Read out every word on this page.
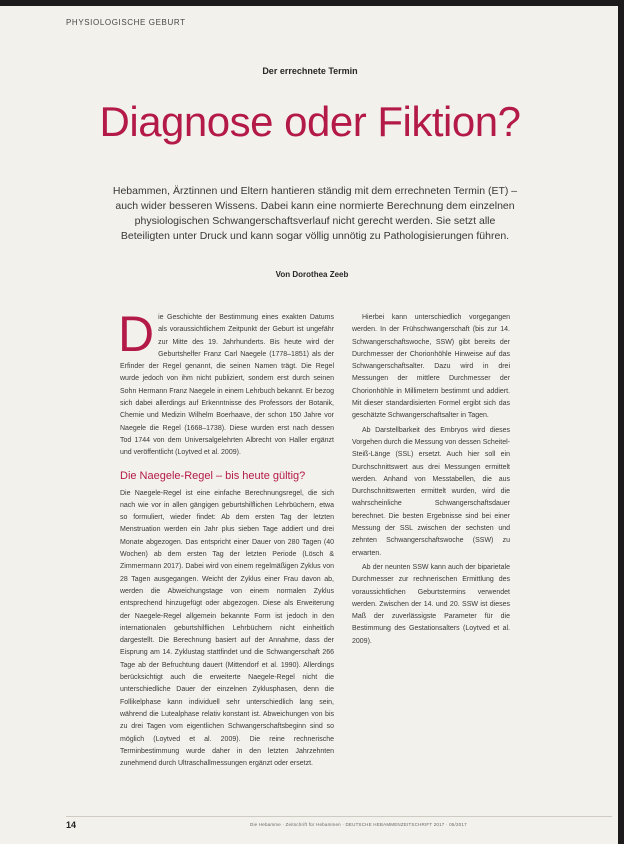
PHYSIOLOGISCHE GEBURT
Der errechnete Termin
Diagnose oder Fiktion?
Hebammen, Ärztinnen und Eltern hantieren ständig mit dem errechneten Termin (ET) – auch wider besseren Wissens. Dabei kann eine normierte Berechnung dem einzelnen physiologischen Schwangerschaftsverlauf nicht gerecht werden. Sie setzt alle Beteiligten unter Druck und kann sogar völlig unnötig zu Pathologisierungen führen.
Von Dorothea Zeeb

Die Geschichte der Bestimmung eines exakten Datums als voraussichtlichem Zeitpunkt der Geburt ist ungefähr zur Mitte des 19. Jahrhunderts. Bis heute wird der Geburtshelfer Franz Carl Naegele (1778–1851) als der Erfinder der Regel genannt, die seinen Namen trägt. Die Regel wurde jedoch von ihm nicht publiziert, sondern erst durch seinen Sohn Hermann Franz Naegele in einem Lehrbuch bekannt. Er bezog sich dabei allerdings auf Erkenntnisse des Professors der Botanik, Chemie und Medizin Wilhelm Boerhaave, der schon 150 Jahre vor Naegele die Regel (1668–1738). Diese wurden erst nach dessen Tod 1744 von dem Universalgelehrten Albrecht von Haller ergänzt und veröffentlicht (Loytved et al. 2009).

Die Naegele-Regel – bis heute gültig?

Die Naegele-Regel ist eine einfache Berechnungsregel, die sich nach wie vor in allen gängigen geburtshilflichen Lehrbüchern, etwa so formuliert, wieder findet: Ab dem ersten Tag der letzten Menstruation werden ein Jahr plus sieben Tage addiert und drei Monate abgezogen. Das entspricht einer Dauer von 280 Tagen (40 Wochen) ab dem ersten Tag der letzten Periode (Lösch & Zimmermann 2017). Dabei wird von einem regelmäßigen Zyklus von 28 Tagen ausgegangen. Weicht der Zyklus einer Frau davon ab, werden die Abweichungstage von einem normalen Zyklus entsprechend hinzugefügt oder abgezogen. Diese als Erweiterung der Naegele-Regel allgemein bekannte Form ist jedoch in den internationalen geburtshilflichen Lehrbüchern nicht einheitlich dargestellt. Die Berechnung basiert auf der Annahme, dass der Eisprung am 14. Zyklustag stattfindet und die Schwangerschaft 266 Tage ab der Befruchtung dauert (Mittendorf et al. 1990). Allerdings berücksichtigt auch die erweiterte Naegele-Regel nicht die unterschiedliche Dauer der einzelnen Zyklusphasen, denn die Follikelphase kann individuell sehr unterschiedlich lang sein, während die Lutealphase relativ konstant ist. Abweichungen von bis zu drei Tagen vom eigentlichen Schwangerschaftsbeginn sind so möglich (Loytved et al. 2009). Die reine rechnerische Terminbestimmung wurde daher in den letzten Jahrzehnten zunehmend durch Ultraschallmessungen ergänzt oder ersetzt.

Hierbei kann unterschiedlich vorgegangen werden. In der Frühschwangerschaft (bis zur 14. Schwangerschaftswoche, SSW) gibt bereits der Durchmesser der Chorionhöhle Hinweise auf das Schwangerschaftsalter. Dazu wird in drei Messungen der mittlere Durchmesser der Chorionhöhle in Millimetern bestimmt und addiert. Mit dieser standardisierten Formel ergibt sich das geschätzte Schwangerschaftsalter in Tagen.

Ab Darstellbarkeit des Embryos wird dieses Vorgehen durch die Messung von dessen Scheitel-Steiß-Länge (SSL) ersetzt. Auch hier soll ein Durchschnittswert aus drei Messungen ermittelt werden. Anhand von Messtabellen, die aus Durchschnittswerten ermittelt wurden, wird die wahrscheinliche Schwangerschaftsdauer berechnet. Die besten Ergebnisse sind bei einer Messung der SSL zwischen der sechsten und zehnten Schwangerschaftswoche (SSW) zu erwarten.

Ab der neunten SSW kann auch der biparietale Durchmesser zur rechnerischen Ermittlung des voraussichtlichen Geburtstermins verwendet werden. Zwischen der 14. und 20. SSW ist dieses Maß der zuverlässigste Parameter für die Bestimmung des Gestationsalters (Loytved et al. 2009).

14	Die Hebamme · Zeitschrift für Hebammen · DEUTSCHE HEBAMMENZEITSCHRIFT 2017 · 05/2017
